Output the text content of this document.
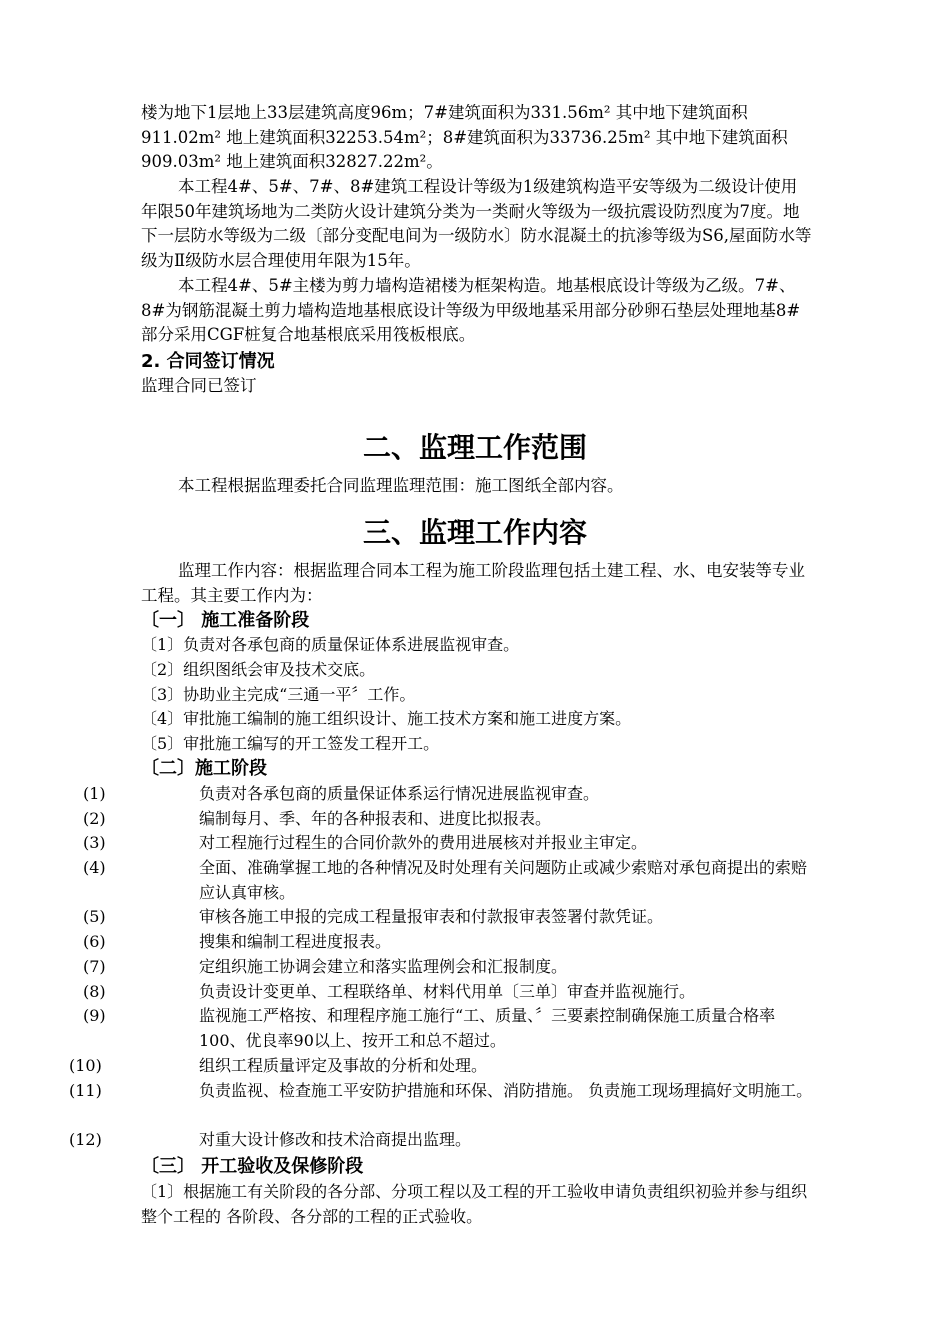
楼为地下1层地上33层建筑高度96m；7#建筑面积为331.56m² 其中地下建筑面积911.02m² 地上建筑面积32253.54m²；8#建筑面积为33736.25m² 其中地下建筑面积909.03m² 地上建筑面积32827.22m²。

本工程4#、5#、7#、8#建筑工程设计等级为1级建筑构造平安等级为二级设计使用年限50年建筑场地为二类防火设计建筑分类为一类耐火等级为一级抗震设防烈度为7度。地下一层防水等级为二级〔部分变配电间为一级防水〕防水混凝土的抗渗等级为S6,屋面防水等级为Ⅱ级防水层合理使用年限为15年。

本工程4#、5#主楼为剪力墙构造裙楼为框架构造。地基根底设计等级为乙级。7#、8#为钢筋混凝土剪力墙构造地基根底设计等级为甲级地基采用部分砂卵石垫层处理地基8#部分采用CGF桩复合地基根底采用筏板根底。

2. 合同签订情况

监理合同已签订

二、监理工作范围

本工程根据监理委托合同监理监理范围：施工图纸全部内容。

三、监理工作内容

监理工作内容：根据监理合同本工程为施工阶段监理包括土建工程、水、电安装等专业工程。其主要工作内为：

〔一〕 施工准备阶段

〔1〕负责对各承包商的质量保证体系进展监视审查。

〔2〕组织图纸会审及技术交底。

〔3〕协助业主完成“三通一平〞工作。

〔4〕审批施工编制的施工组织设计、施工技术方案和施工进度方案。

〔5〕审批施工编写的开工签发工程开工。

〔二〕施工阶段

(1)	负责对各承包商的质量保证体系运行情况进展监视审查。

(2)	编制每月、季、年的各种报表和、进度比拟报表。

(3)	对工程施行过程生的合同价款外的费用进展核对并报业主审定。

(4)	全面、准确掌握工地的各种情况及时处理有关问题防止或减少索赔对承包商提出的索赔应认真审核。

(5)	审核各施工申报的完成工程量报审表和付款报审表签署付款凭证。

(6)	搜集和编制工程进度报表。

(7)	定组织施工协调会建立和落实监理例会和汇报制度。

(8)	负责设计变更单、工程联络单、材料代用单〔三单〕审查并监视施行。

(9)	监视施工严格按、和理程序施工施行“工、质量、〞三要素控制确保施工质量合格率100、优良率90以上、按开工和总不超过。

(10)	组织工程质量评定及事故的分析和处理。

(11)	负责监视、检查施工平安防护措施和环保、消防措施。 负责施工现场理搞好文明施工。

(12)	对重大设计修改和技术洽商提出监理。

〔三〕 开工验收及保修阶段

〔1〕根据施工有关阶段的各分部、分项工程以及工程的开工验收申请负责组织初验并参与组织整个工程的 各阶段、各分部的工程的正式验收。
